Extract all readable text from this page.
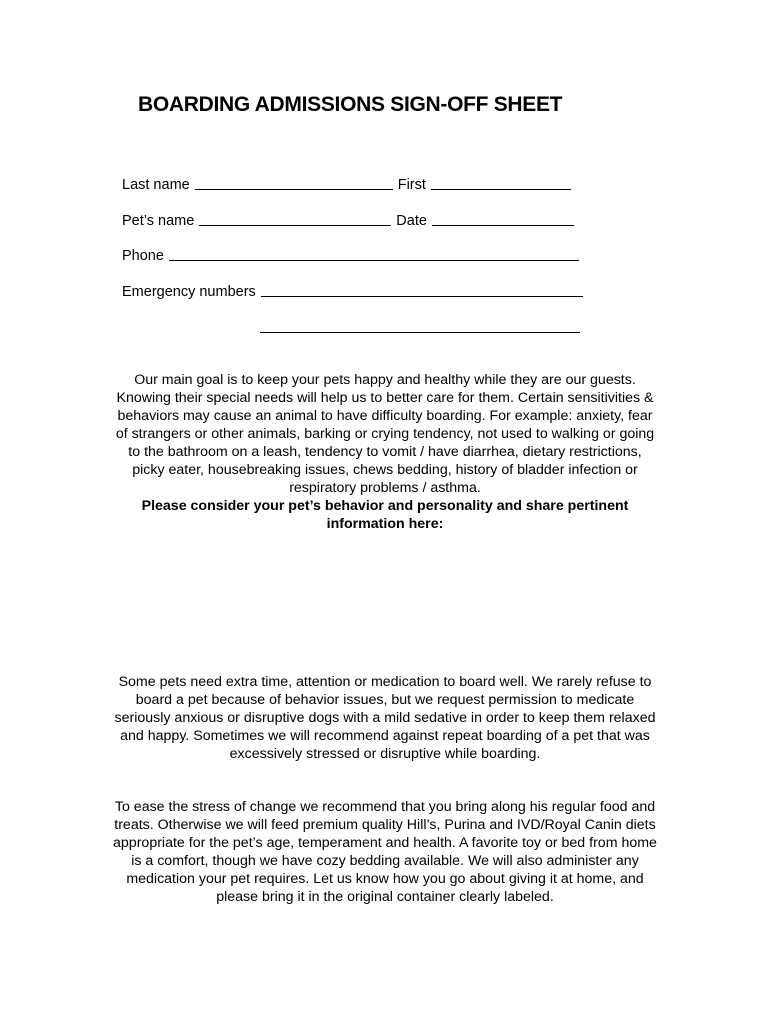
BOARDING ADMISSIONS SIGN-OFF SHEET
Last name	First
Pet’s name	Date
Phone
Emergency numbers

Our main goal is to keep your pets happy and healthy while they are our guests. Knowing their special needs will help us to better care for them. Certain sensitivities & behaviors may cause an animal to have difficulty boarding. For example: anxiety, fear of strangers or other animals, barking or crying tendency, not used to walking or going to the bathroom on a leash, tendency to vomit / have diarrhea, dietary restrictions, picky eater, housebreaking issues, chews bedding, history of bladder infection or respiratory problems / asthma.

Please consider your pet’s behavior and personality and share pertinent information here:

Some pets need extra time, attention or medication to board well. We rarely refuse to board a pet because of behavior issues, but we request permission to medicate seriously anxious or disruptive dogs with a mild sedative in order to keep them relaxed and happy. Sometimes we will recommend against repeat boarding of a pet that was excessively stressed or disruptive while boarding.

To ease the stress of change we recommend that you bring along his regular food and treats. Otherwise we will feed premium quality Hill’s, Purina and IVD/Royal Canin diets appropriate for the pet’s age, temperament and health. A favorite toy or bed from home is a comfort, though we have cozy bedding available. We will also administer any medication your pet requires. Let us know how you go about giving it at home, and please bring it in the original container clearly labeled.
